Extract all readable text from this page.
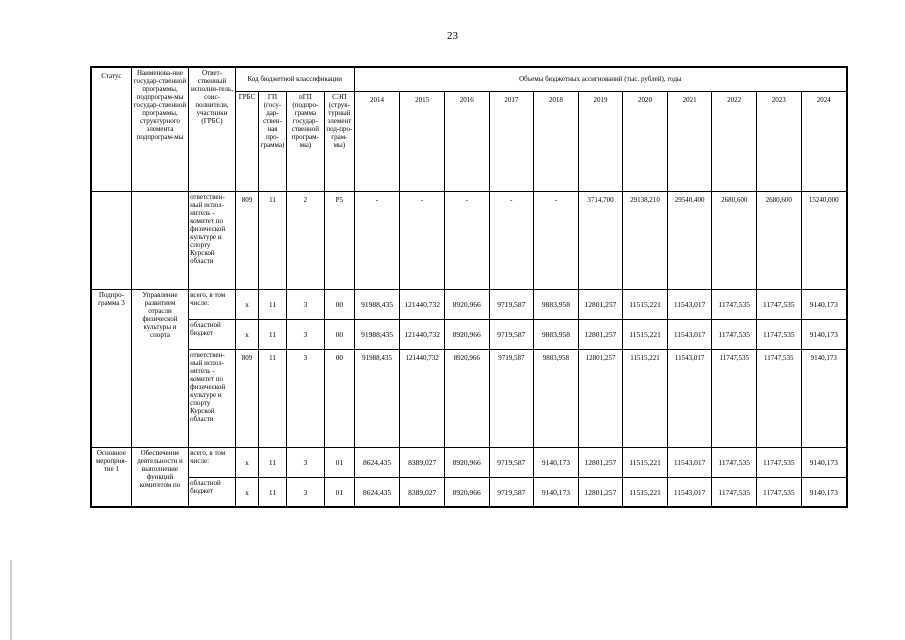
23
Статус	Наименова-ние государ-ственной программы, подпрограм-мы государ-ственной программы, структурного элемента подпрограм-мы	Ответ-ственный исполни-тель, соис-полнители, участники (ГРБС)	Код бюджетной классификации				Объемы бюджетных ассигнований (тыс. рублей), годы										
			ГРБС	ГП (госу-дар-ствен-ная про-грамма)	пГП (подпро-грамма государ-ственной програм-мы)	СЭП (струк-турный элемент под-про-грам-мы)	2014	2015	2016	2017	2018	2019	2020	2021	2022	2023	2024
		ответствен-ный испол-нитель - комитет по физической культуре и спорту Курской области	809	11	2	Р5	-	-	-	-	-	3714,700	29138,210	29540,400	2680,600	2680,600	15240,000
Подпро-грамма 3	Управление развитием отрасли физической культуры и спорта	всего, в том числе:	x	11	3	00	91988,435	121440,732	8920,966	9719,587	9883,958	12801,257	11515,221	11543,017	11747,535	11747,535	9140,173
		областной бюджет	x	11	3	00	91988,435	121440,732	8920,966	9719,587	9883,958	12801,257	11515,221	11543,017	11747,535	11747,535	9140,173
		ответствен-ный испол-нитель - комитет по физической культуре и спорту Курской области	809	11	3	00	91988,435	121440,732	8920,966	9719,587	9883,958	12801,257	11515,221	11543,017	11747,535	11747,535	9140,173
Основное мероприя-тие 1	Обеспечение деятельности и выполнение функций комитетом по	всего, в том числе:	x	11	3	01	8624,435	8389,027	8920,966	9719,587	9140,173	12801,257	11515,221	11543,017	11747,535	11747,535	9140,173
		областной бюджет	x	11	3	01	8624,435	8389,027	8920,966	9719,587	9140,173	12801,257	11515,221	11543,017	11747,535	11747,535	9140,173
